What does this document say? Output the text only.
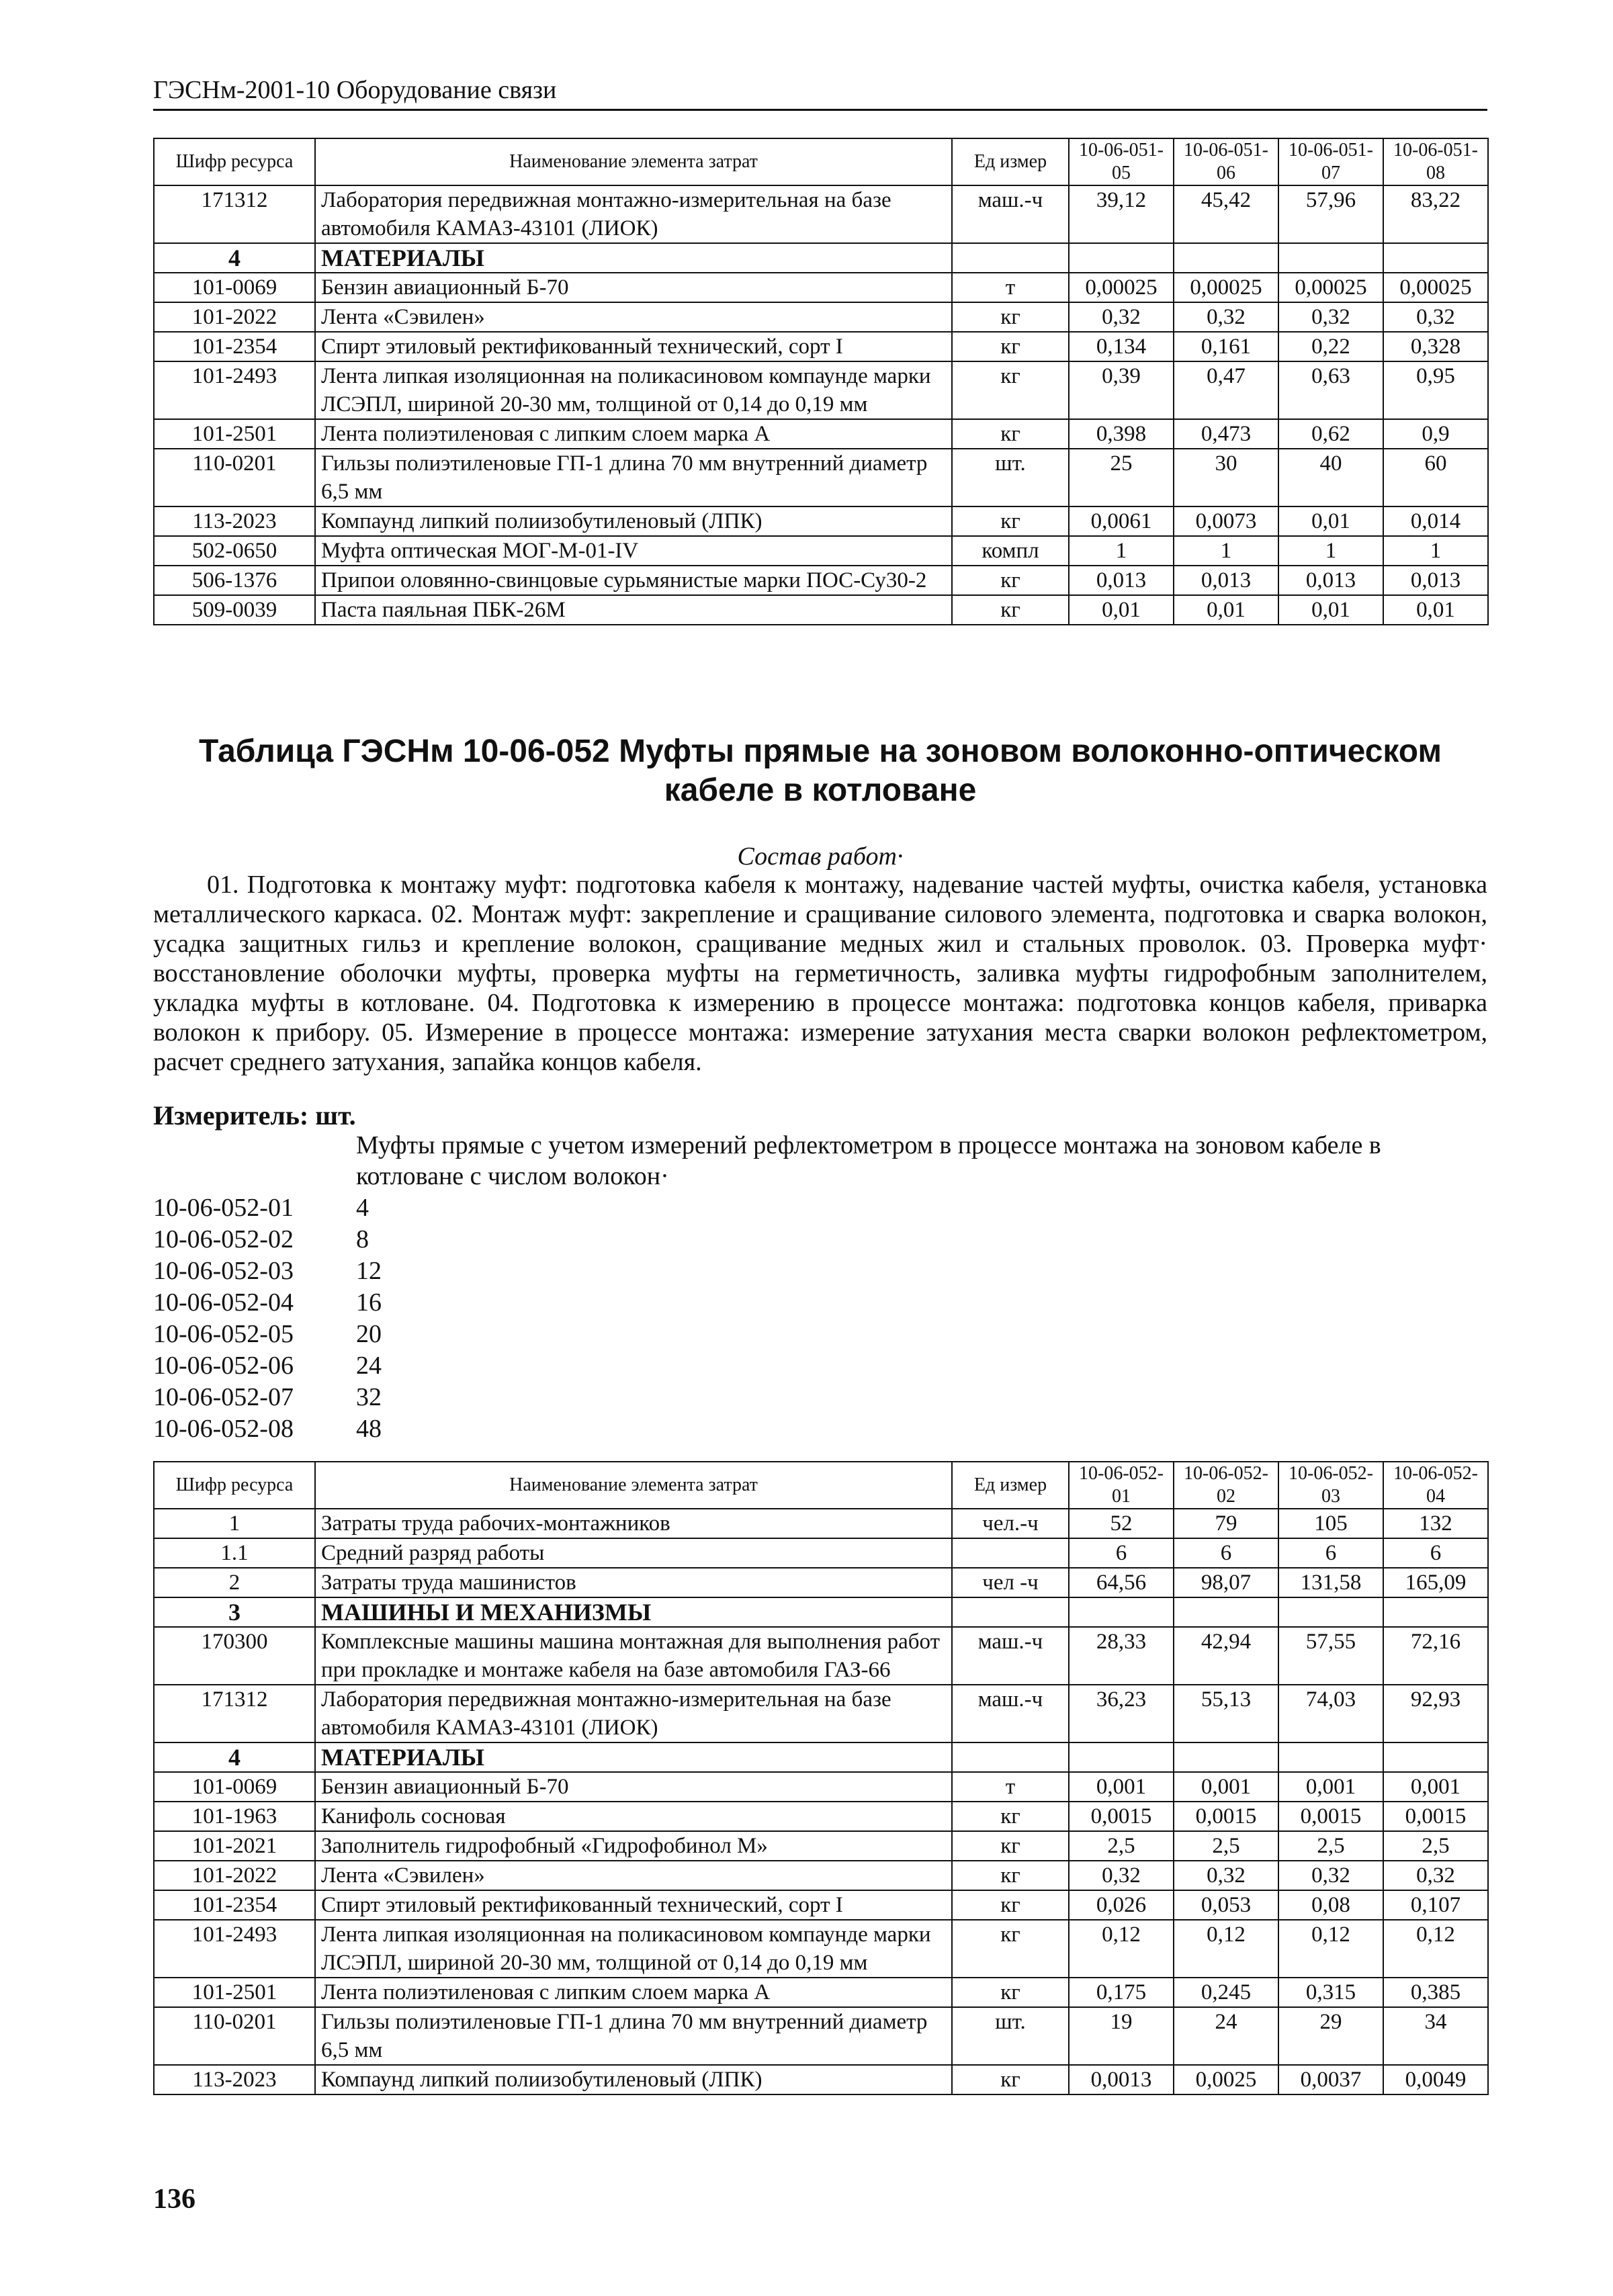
ГЭСНм-2001-10 Оборудование связи
Шифр ресурса	Наименование элемента затрат	Ед измер	10-06-051-05	10-06-051-06	10-06-051-07	10-06-051-08
171312	Лаборатория передвижная монтажно-измерительная на базе автомобиля КАМАЗ-43101 (ЛИОК)	маш.-ч	39,12	45,42	57,96	83,22
4	МАТЕРИАЛЫ					
101-0069	Бензин авиационный Б-70	т	0,00025	0,00025	0,00025	0,00025
101-2022	Лента «Сэвилен»	кг	0,32	0,32	0,32	0,32
101-2354	Спирт этиловый ректификованный технический, сорт I	кг	0,134	0,161	0,22	0,328
101-2493	Лента липкая изоляционная на поликасиновом компаунде марки ЛСЭПЛ, шириной 20-30 мм, толщиной от 0,14 до 0,19 мм	кг	0,39	0,47	0,63	0,95
101-2501	Лента полиэтиленовая с липким слоем марка А	кг	0,398	0,473	0,62	0,9
110-0201	Гильзы полиэтиленовые ГП-1 длина 70 мм внутренний диаметр 6,5 мм	шт.	25	30	40	60
113-2023	Компаунд липкий полиизобутиленовый (ЛПК)	кг	0,0061	0,0073	0,01	0,014
502-0650	Муфта оптическая МОГ-М-01-IV	компл	1	1	1	1
506-1376	Припои оловянно-свинцовые сурьмянистые марки ПОС-Су30-2	кг	0,013	0,013	0,013	0,013
509-0039	Паста паяльная ПБК-26М	кг	0,01	0,01	0,01	0,01
Таблица ГЭСНм 10-06-052 Муфты прямые на зоновом волоконно-оптическом кабеле в котловане
Состав работ·

01. Подготовка к монтажу муфт: подготовка кабеля к монтажу, надевание частей муфты, очистка кабеля, установка металлического каркаса. 02. Монтаж муфт: закрепление и сращивание силового элемента, подготовка и сварка волокон, усадка защитных гильз и крепление волокон, сращивание медных жил и стальных проволок. 03. Проверка муфт· восстановление оболочки муфты, проверка муфты на герметичность, заливка муфты гидрофобным заполнителем, укладка муфты в котловане. 04. Подготовка к измерению в процессе монтажа: подготовка концов кабеля, приварка волокон к прибору. 05. Измерение в процессе монтажа: измерение затухания места сварки волокон рефлектометром, расчет среднего затухания, запайка концов кабеля.

Измеритель: шт.
Муфты прямые с учетом измерений рефлектометром в процессе монтажа на зоновом кабеле в котловане с числом волокон·
10-06-052-01	4
10-06-052-02	8
10-06-052-03	12
10-06-052-04	16
10-06-052-05	20
10-06-052-06	24
10-06-052-07	32
10-06-052-08	48
Шифр ресурса	Наименование элемента затрат	Ед измер	10-06-052-01	10-06-052-02	10-06-052-03	10-06-052-04
1	Затраты труда рабочих-монтажников	чел.-ч	52	79	105	132
1.1	Средний разряд работы		6	6	6	6
2	Затраты труда машинистов	чел -ч	64,56	98,07	131,58	165,09
3	МАШИНЫ И МЕХАНИЗМЫ					
170300	Комплексные машины машина монтажная для выполнения работ при прокладке и монтаже кабеля на базе автомобиля ГАЗ-66	маш.-ч	28,33	42,94	57,55	72,16
171312	Лаборатория передвижная монтажно-измерительная на базе автомобиля КАМАЗ-43101 (ЛИОК)	маш.-ч	36,23	55,13	74,03	92,93
4	МАТЕРИАЛЫ					
101-0069	Бензин авиационный Б-70	т	0,001	0,001	0,001	0,001
101-1963	Канифоль сосновая	кг	0,0015	0,0015	0,0015	0,0015
101-2021	Заполнитель гидрофобный «Гидрофобинол М»	кг	2,5	2,5	2,5	2,5
101-2022	Лента «Сэвилен»	кг	0,32	0,32	0,32	0,32
101-2354	Спирт этиловый ректификованный технический, сорт I	кг	0,026	0,053	0,08	0,107
101-2493	Лента липкая изоляционная на поликасиновом компаунде марки ЛСЭПЛ, шириной 20-30 мм, толщиной от 0,14 до 0,19 мм	кг	0,12	0,12	0,12	0,12
101-2501	Лента полиэтиленовая с липким слоем марка А	кг	0,175	0,245	0,315	0,385
110-0201	Гильзы полиэтиленовые ГП-1 длина 70 мм внутренний диаметр 6,5 мм	шт.	19	24	29	34
113-2023	Компаунд липкий полиизобутиленовый (ЛПК)	кг	0,0013	0,0025	0,0037	0,0049
136
